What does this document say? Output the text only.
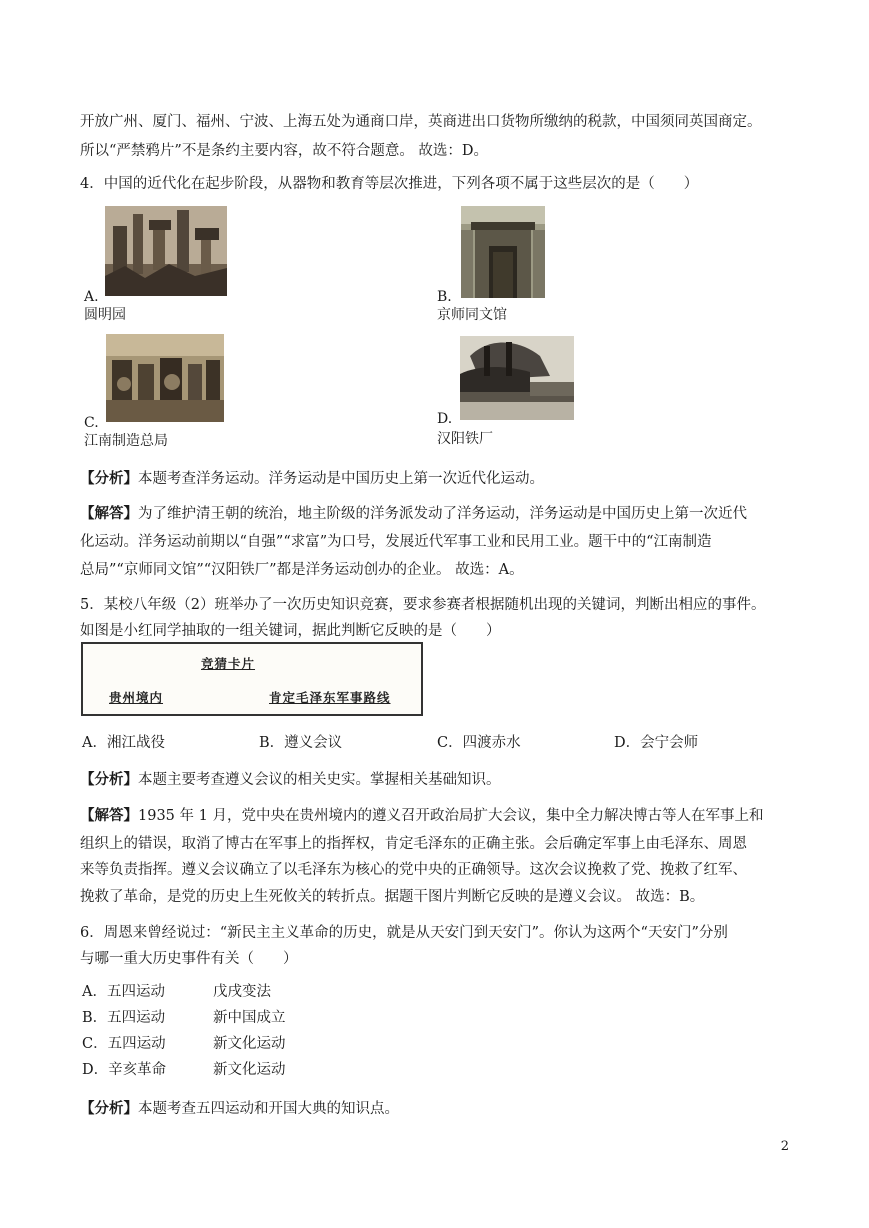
开放广州、厦门、福州、宁波、上海五处为通商口岸，英商进出口货物所缴纳的税款，中国须同英国商定。
所以“严禁鸦片”不是条约主要内容，故不符合题意。 故选：D。
4．中国的近代化在起步阶段，从器物和教育等层次推进，下列各项不属于这些层次的是（　　）
A.
圆明园
B.
京师同文馆
C.
江南制造总局
D.
汉阳铁厂
【分析】本题考查洋务运动。洋务运动是中国历史上第一次近代化运动。
【解答】为了维护清王朝的统治，地主阶级的洋务派发动了洋务运动，洋务运动是中国历史上第一次近代
化运动。洋务运动前期以“自强”“求富”为口号，发展近代军事工业和民用工业。题干中的“江南制造
总局”“京师同文馆”“汉阳铁厂”都是洋务运动创办的企业。 故选：A。
5．某校八年级（2）班举办了一次历史知识竞赛，要求参赛者根据随机出现的关键词，判断出相应的事件。
如图是小红同学抽取的一组关键词，据此判断它反映的是（　　）
竞猜卡片
贵州境内	肯定毛泽东军事路线
A．湘江战役	B．遵义会议	C．四渡赤水	D．会宁会师
【分析】本题主要考查遵义会议的相关史实。掌握相关基础知识。
【解答】1935 年 1 月，党中央在贵州境内的遵义召开政治局扩大会议，集中全力解决博古等人在军事上和
组织上的错误，取消了博古在军事上的指挥权，肯定毛泽东的正确主张。会后确定军事上由毛泽东、周恩
来等负责指挥。遵义会议确立了以毛泽东为核心的党中央的正确领导。这次会议挽救了党、挽救了红军、
挽救了革命，是党的历史上生死攸关的转折点。据题干图片判断它反映的是遵义会议。 故选：B。
6．周恩来曾经说过：“新民主主义革命的历史，就是从天安门到天安门”。你认为这两个“天安门”分别
与哪一重大历史事件有关（　　）
A．五四运动	戊戌变法
B．五四运动	新中国成立
C．五四运动	新文化运动
D．辛亥革命	新文化运动
【分析】本题考查五四运动和开国大典的知识点。
2
